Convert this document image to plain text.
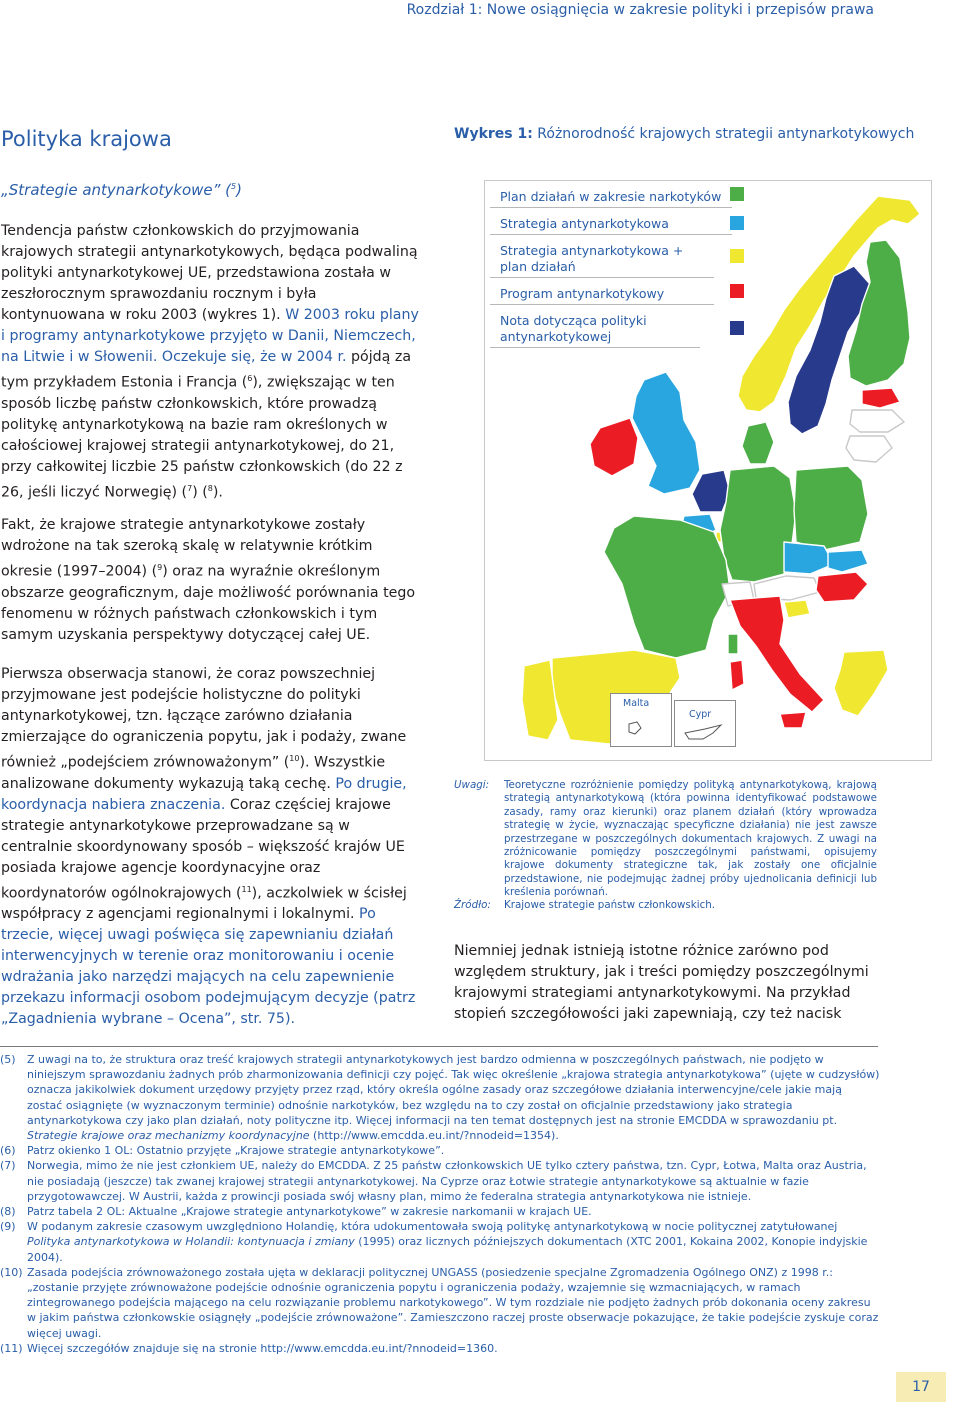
Rozdział 1: Nowe osiągnięcia w zakresie polityki i przepisów prawa
Polityka krajowa
„Strategie antynarkotykowe” ($^5$)
Tendencja państw członkowskich do przyjmowania krajowych strategii antynarkotykowych, będąca podwaliną polityki antynarkotykowej UE, przedstawiona została w zeszłorocznym sprawozdaniu rocznym i była kontynuowana w roku 2003 (wykres 1). W 2003 roku plany i programy antynarkotykowe przyjęto w Danii, Niemczech, na Litwie i w Słowenii. Oczekuje się, że w 2004 r. pójdą za tym przykładem Estonia i Francja ($^6$), zwiększając w ten sposób liczbę państw członkowskich, które prowadzą politykę antynarkotykową na bazie ram określonych w całościowej krajowej strategii antynarkotykowej, do 21, przy całkowitej liczbie 25 państw członkowskich (do 22 z 26, jeśli liczyć Norwegię) ($^7$) ($^8$).
Fakt, że krajowe strategie antynarkotykowe zostały wdrożone na tak szeroką skalę w relatywnie krótkim okresie (1997–2004) ($^9$) oraz na wyraźnie określonym obszarze geograficznym, daje możliwość porównania tego fenomenu w różnych państwach członkowskich i tym samym uzyskania perspektywy dotyczącej całej UE.
Pierwsza obserwacja stanowi, że coraz powszechniej przyjmowane jest podejście holistyczne do polityki antynarkotykowej, tzn. łączące zarówno działania zmierzające do ograniczenia popytu, jak i podaży, zwane również „podejściem zrównoważonym” ($^{10}$). Wszystkie analizowane dokumenty wykazują taką cechę. Po drugie, koordynacja nabiera znaczenia. Coraz częściej krajowe strategie antynarkotykowe przeprowadzane są w centralnie skoordynowany sposób – większość krajów UE posiada krajowe agencje koordynacyjne oraz koordynatorów ogólnokrajowych ($^{11}$), aczkolwiek w ścisłej współpracy z agencjami regionalnymi i lokalnymi. Po trzecie, więcej uwagi poświęca się zapewnianiu działań interwencyjnych w terenie oraz monitorowaniu i ocenie wdrażania jako narzędzi mających na celu zapewnienie przekazu informacji osobom podejmującym decyzje (patrz „Zagadnienia wybrane – Ocena”, str. 75).
Wykres 1: Różnorodność krajowych strategii antynarkotykowych
Plan działań w zakresie narkotyków
Strategia antynarkotykowa
Strategia antynarkotykowa + plan działań
Program antynarkotykowy
Nota dotycząca polityki antynarkotykowej
Malta
Cypr
Uwagi: Teoretyczne rozróżnienie pomiędzy polityką antynarkotykową, krajową strategią antynarkotykową (która powinna identyfikować podstawowe zasady, ramy oraz kierunki) oraz planem działań (który wprowadza strategię w życie, wyznaczając specyficzne działania) nie jest zawsze przestrzegane w poszczególnych dokumentach krajowych. Z uwagi na zróżnicowanie pomiędzy poszczególnymi państwami, opisujemy krajowe dokumenty strategiczne tak, jak zostały one oficjalnie przedstawione, nie podejmując żadnej próby ujednolicania definicji lub kreślenia porównań.
Źródło: Krajowe strategie państw członkowskich.
Niemniej jednak istnieją istotne różnice zarówno pod względem struktury, jak i treści pomiędzy poszczególnymi krajowymi strategiami antynarkotykowymi. Na przykład stopień szczegółowości jaki zapewniają, czy też nacisk
(5) Z uwagi na to, że struktura oraz treść krajowych strategii antynarkotykowych jest bardzo odmienna w poszczególnych państwach, nie podjęto w niniejszym sprawozdaniu żadnych prób zharmonizowania definicji czy pojęć. Tak więc określenie „krajowa strategia antynarkotykowa” (ujęte w cudzysłów) oznacza jakikolwiek dokument urzędowy przyjęty przez rząd, który określa ogólne zasady oraz szczegółowe działania interwencyjne/cele jakie mają zostać osiągnięte (w wyznaczonym terminie) odnośnie narkotyków, bez względu na to czy został on oficjalnie przedstawiony jako strategia antynarkotykowa czy jako plan działań, noty polityczne itp. Więcej informacji na ten temat dostępnych jest na stronie EMCDDA w sprawozdaniu pt. Strategie krajowe oraz mechanizmy koordynacyjne (http://www.emcdda.eu.int/?nnodeid=1354).
(6) Patrz okienko 1 OL: Ostatnio przyjęte „Krajowe strategie antynarkotykowe”.
(7) Norwegia, mimo że nie jest członkiem UE, należy do EMCDDA. Z 25 państw członkowskich UE tylko cztery państwa, tzn. Cypr, Łotwa, Malta oraz Austria, nie posiadają (jeszcze) tak zwanej krajowej strategii antynarkotykowej. Na Cyprze oraz Łotwie strategie antynarkotykowe są aktualnie w fazie przygotowawczej. W Austrii, każda z prowincji posiada swój własny plan, mimo że federalna strategia antynarkotykowa nie istnieje.
(8) Patrz tabela 2 OL: Aktualne „Krajowe strategie antynarkotykowe” w zakresie narkomanii w krajach UE.
(9) W podanym zakresie czasowym uwzględniono Holandię, która udokumentowała swoją politykę antynarkotykową w nocie politycznej zatytułowanej Polityka antynarkotykowa w Holandii: kontynuacja i zmiany (1995) oraz licznych późniejszych dokumentach (XTC 2001, Kokaina 2002, Konopie indyjskie 2004).
(10) Zasada podejścia zrównoważonego została ujęta w deklaracji politycznej UNGASS (posiedzenie specjalne Zgromadzenia Ogólnego ONZ) z 1998 r.: „zostanie przyjęte zrównoważone podejście odnośnie ograniczenia popytu i ograniczenia podaży, wzajemnie się wzmacniających, w ramach zintegrowanego podejścia mającego na celu rozwiązanie problemu narkotykowego”. W tym rozdziale nie podjęto żadnych prób dokonania oceny zakresu w jakim państwa członkowskie osiągnęły „podejście zrównoważone”. Zamieszczono raczej proste obserwacje pokazujące, że takie podejście zyskuje coraz więcej uwagi.
(11) Więcej szczegółów znajduje się na stronie http://www.emcdda.eu.int/?nnodeid=1360.
17
